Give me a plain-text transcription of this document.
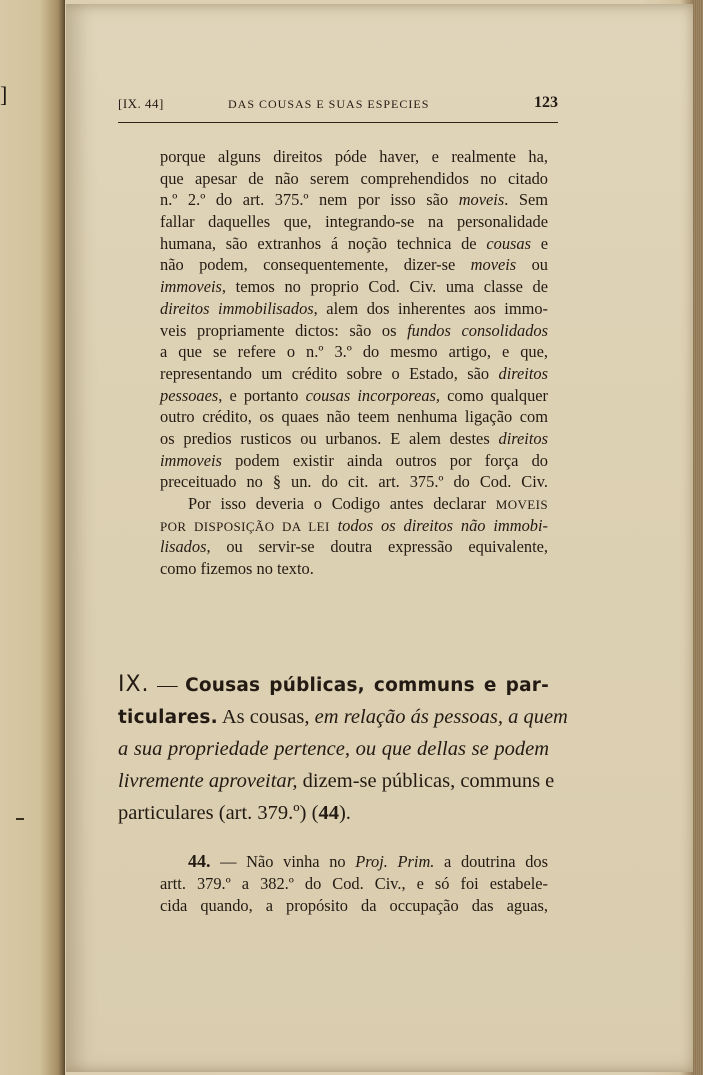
]	[IX. 44]	DAS COUSAS E SUAS ESPECIES	123
porque alguns direitos póde haver, e realmente ha,
que apesar de não serem comprehendidos no citado
n.º 2.º do art. 375.º nem por isso são moveis. Sem
fallar daquelles que, integrando-se na personalidade
humana, são extranhos á noção technica de cousas e
não podem, consequentemente, dizer-se moveis ou
immoveis, temos no proprio Cod. Civ. uma classe de
direitos immobilisados, alem dos inherentes aos immo-
veis propriamente dictos: são os fundos consolidados
a que se refere o n.º 3.º do mesmo artigo, e que,
representando um crédito sobre o Estado, são direitos
pessoaes, e portanto cousas incorporeas, como qualquer
outro crédito, os quaes não teem nenhuma ligação com
os predios rusticos ou urbanos. E alem destes direitos
immoveis podem existir ainda outros por força do
preceituado no § un. do cit. art. 375.º do Cod. Civ.
Por isso deveria o Codigo antes declarar MOVEIS
POR DISPOSIÇÃO DA LEI todos os direitos não immobi-
lisados, ou servir-se doutra expressão equivalente,
como fizemos no texto.
IX. — Cousas públicas, communs e par-
ticulares. As cousas, em relação ás pessoas, a quem
a sua propriedade pertence, ou que dellas se podem
livremente aproveitar, dizem-se públicas, communs e
particulares (art. 379.º) (44).
44. — Não vinha no Proj. Prim. a doutrina dos
artt. 379.º a 382.º do Cod. Civ., e só foi estabele-
cida quando, a propósito da occupação das aguas,
